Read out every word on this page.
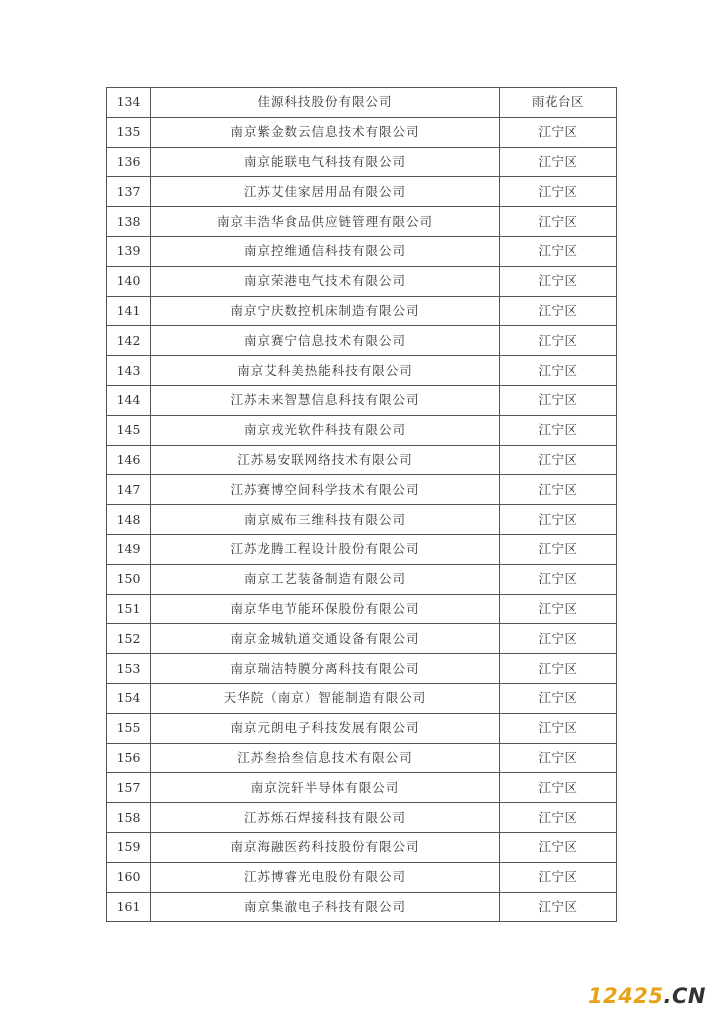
134	佳源科技股份有限公司	雨花台区
135	南京紫金数云信息技术有限公司	江宁区
136	南京能联电气科技有限公司	江宁区
137	江苏艾佳家居用品有限公司	江宁区
138	南京丰浩华食品供应链管理有限公司	江宁区
139	南京控维通信科技有限公司	江宁区
140	南京荣港电气技术有限公司	江宁区
141	南京宁庆数控机床制造有限公司	江宁区
142	南京赛宁信息技术有限公司	江宁区
143	南京艾科美热能科技有限公司	江宁区
144	江苏未来智慧信息科技有限公司	江宁区
145	南京戎光软件科技有限公司	江宁区
146	江苏易安联网络技术有限公司	江宁区
147	江苏赛博空间科学技术有限公司	江宁区
148	南京威布三维科技有限公司	江宁区
149	江苏龙腾工程设计股份有限公司	江宁区
150	南京工艺装备制造有限公司	江宁区
151	南京华电节能环保股份有限公司	江宁区
152	南京金城轨道交通设备有限公司	江宁区
153	南京瑞洁特膜分离科技有限公司	江宁区
154	天华院（南京）智能制造有限公司	江宁区
155	南京元朗电子科技发展有限公司	江宁区
156	江苏叁拾叁信息技术有限公司	江宁区
157	南京浣轩半导体有限公司	江宁区
158	江苏烁石焊接科技有限公司	江宁区
159	南京海融医药科技股份有限公司	江宁区
160	江苏博睿光电股份有限公司	江宁区
161	南京集澈电子科技有限公司	江宁区
12425.CN
